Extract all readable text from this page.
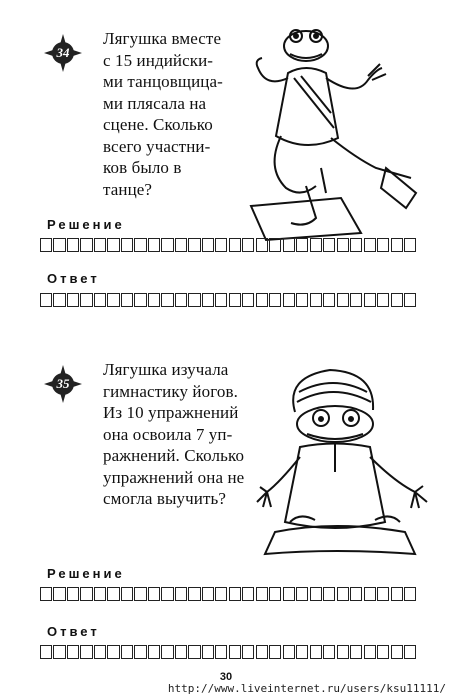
34
Лягушка вместе
с 15 индийски-
ми танцовщица-
ми плясала на
сцене. Сколько
всего участни-
ков было в
танце?
Решение
Ответ
35
Лягушка изучала
гимнастику йогов.
Из 10 упражнений
она освоила 7 уп-
ражнений. Сколько
упражнений она не
смогла выучить?
Решение
Ответ
30
http://www.liveinternet.ru/users/ksu11111/
